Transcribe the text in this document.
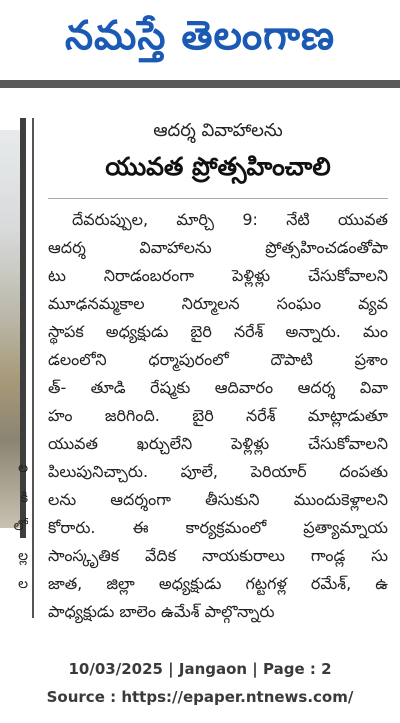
నమస్తే తెలంగాణ
ల
కి
లో
ల్ల
ల
ఆదర్శ వివాహాలను
యువత ప్రోత్సహించాలి
దేవరుప్పుల, మార్చి 9: నేటి యువత
ఆదర్శ వివాహాలను ప్రోత్సహించడంతోపా
టు నిరాడంబరంగా పెళ్లిళ్లు చేసుకోవాలని
మూఢనమ్మకాల నిర్మూలన సంఘం వ్యవ
స్థాపక అధ్యక్షుడు బైరి నరేశ్ అన్నారు. మం
డలంలోని ధర్మాపురంలో దౌపాటి ప్రశాం
త్- తూడి రేష్మకు ఆదివారం ఆదర్శ వివా
హం జరిగింది. బైరి నరేశ్ మాట్లాడుతూ
యువత ఖర్చులేని పెళ్లిళ్లు చేసుకోవాలని
పిలుపునిచ్చారు. పూలే, పెరియార్ దంపతు
లను ఆదర్శంగా తీసుకుని ముందుకెళ్లాలని
కోరారు. ఈ కార్యక్రమంలో ప్రత్యామ్నాయ
సాంస్కృతిక వేదిక నాయకురాలు గాండ్ల సు
జాత, జిల్లా అధ్యక్షుడు గట్టగళ్ల రమేశ్, ఉ
పాధ్యక్షుడు బాలెం ఉమేశ్ పాల్గొన్నారు
10/03/2025 | Jangaon | Page : 2
Source : https://epaper.ntnews.com/
